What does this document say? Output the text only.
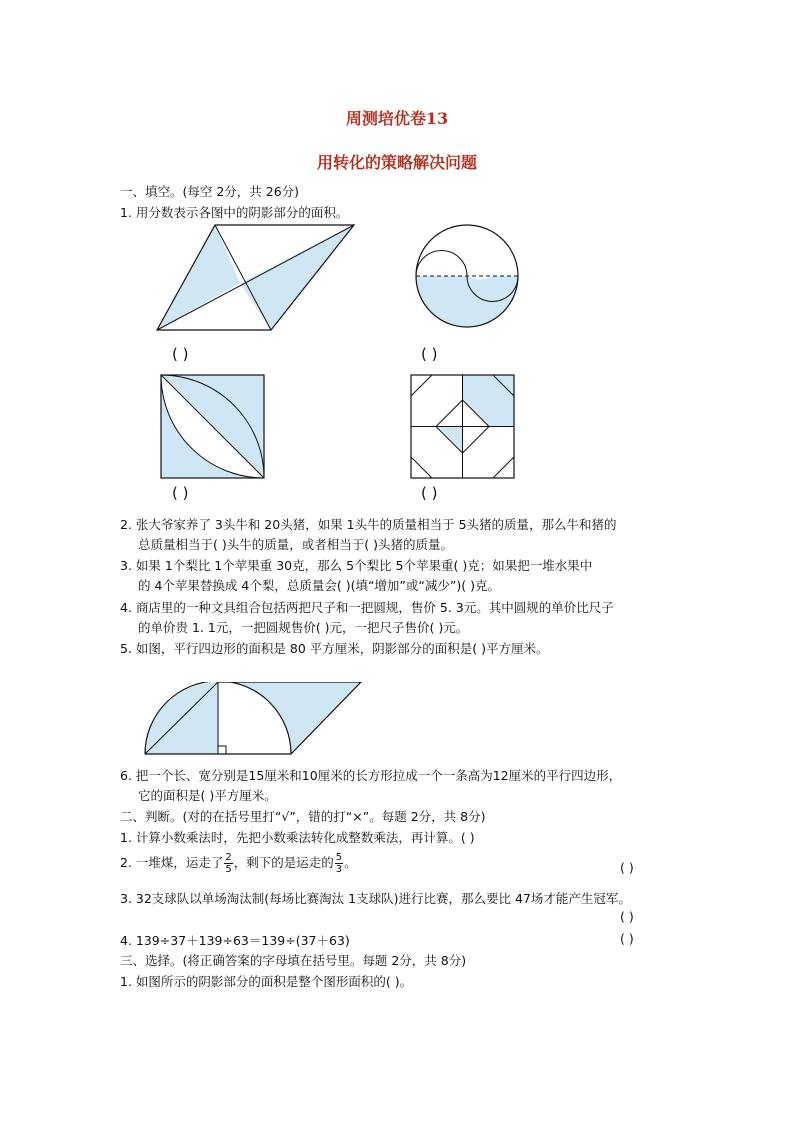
周测培优卷13
用转化的策略解决问题
一、填空。(每空 2分，共 26分)
1. 用分数表示各图中的阴影部分的面积。
( )	( )
( )	( )
2. 张大爷家养了 3头牛和 20头猪，如果 1头牛的质量相当于 5头猪的质量，那么牛和猪的
总质量相当于( )头牛的质量，或者相当于( )头猪的质量。
3. 如果 1个梨比 1个苹果重 30克，那么 5个梨比 5个苹果重( )克；如果把一堆水果中
的 4个苹果替换成 4个梨，总质量会( )(填“增加”或“减少”)( )克。
4. 商店里的一种文具组合包括两把尺子和一把圆规，售价 5. 3元。其中圆规的单价比尺子
的单价贵 1. 1元，一把圆规售价( )元，一把尺子售价( )元。
5. 如图，平行四边形的面积是 80 平方厘米，阴影部分的面积是( )平方厘米。
6. 把一个长、宽分别是15厘米和10厘米的长方形拉成一个一条高为12厘米的平行四边形，
它的面积是( )平方厘米。
二、判断。(对的在括号里打“√”，错的打“×”。每题 2分，共 8分)
1. 计算小数乘法时，先把小数乘法转化成整数乘法，再计算。( )
2. 一堆煤，运走了 $\frac{2}{5}$ ，剩下的是运走的 $\frac{5}{3}$ 。	( )
3. 32支球队以单场淘汰制(每场比赛淘汰 1支球队)进行比赛，那么要比 47场才能产生冠军。
( )
4. 139÷37＋139÷63＝139÷(37＋63)	( )
三、选择。(将正确答案的字母填在括号里。每题 2分，共 8分)
1. 如图所示的阴影部分的面积是整个图形面积的( )。
